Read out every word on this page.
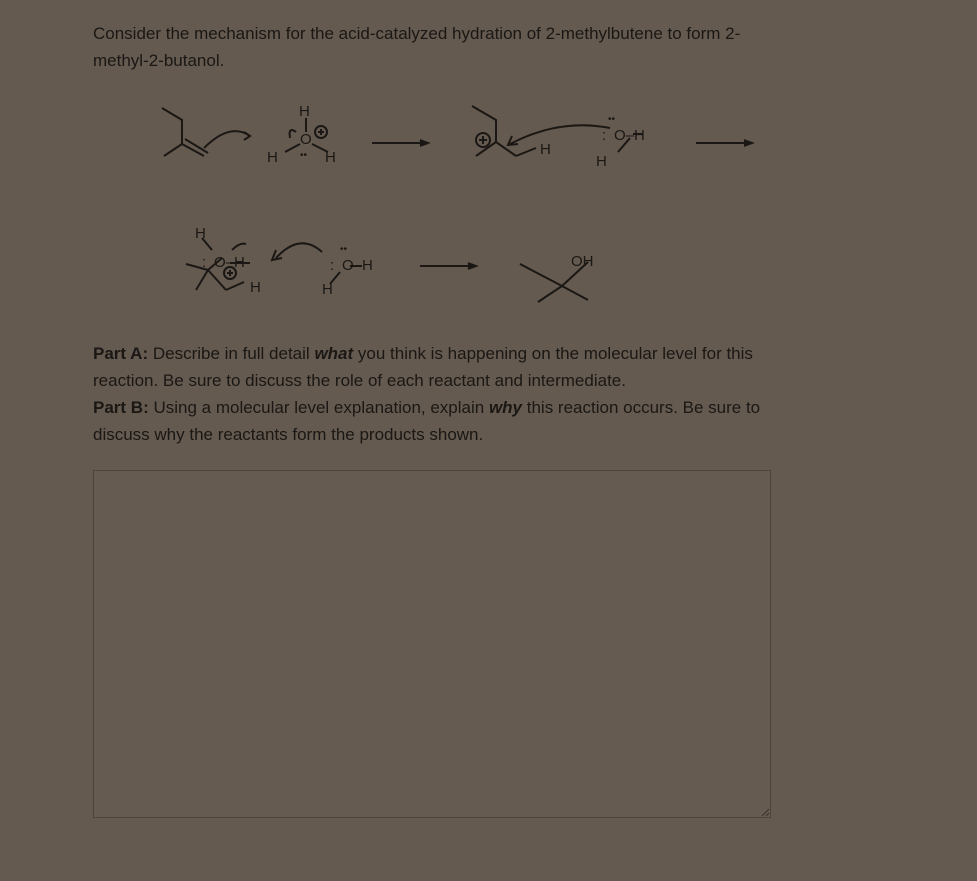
Consider the mechanism for the acid-catalyzed hydration of 2-methylbutene to form 2-methyl-2-butanol.
H
O
H	H
••	H
: O–H
••
H
H
: O–H
H
: O–H
••
H
OH

Part A: Describe in full detail what you think is happening on the molecular level for this reaction. Be sure to discuss the role of each reactant and intermediate.

Part B: Using a molecular level explanation, explain why this reaction occurs. Be sure to discuss why the reactants form the products shown.
